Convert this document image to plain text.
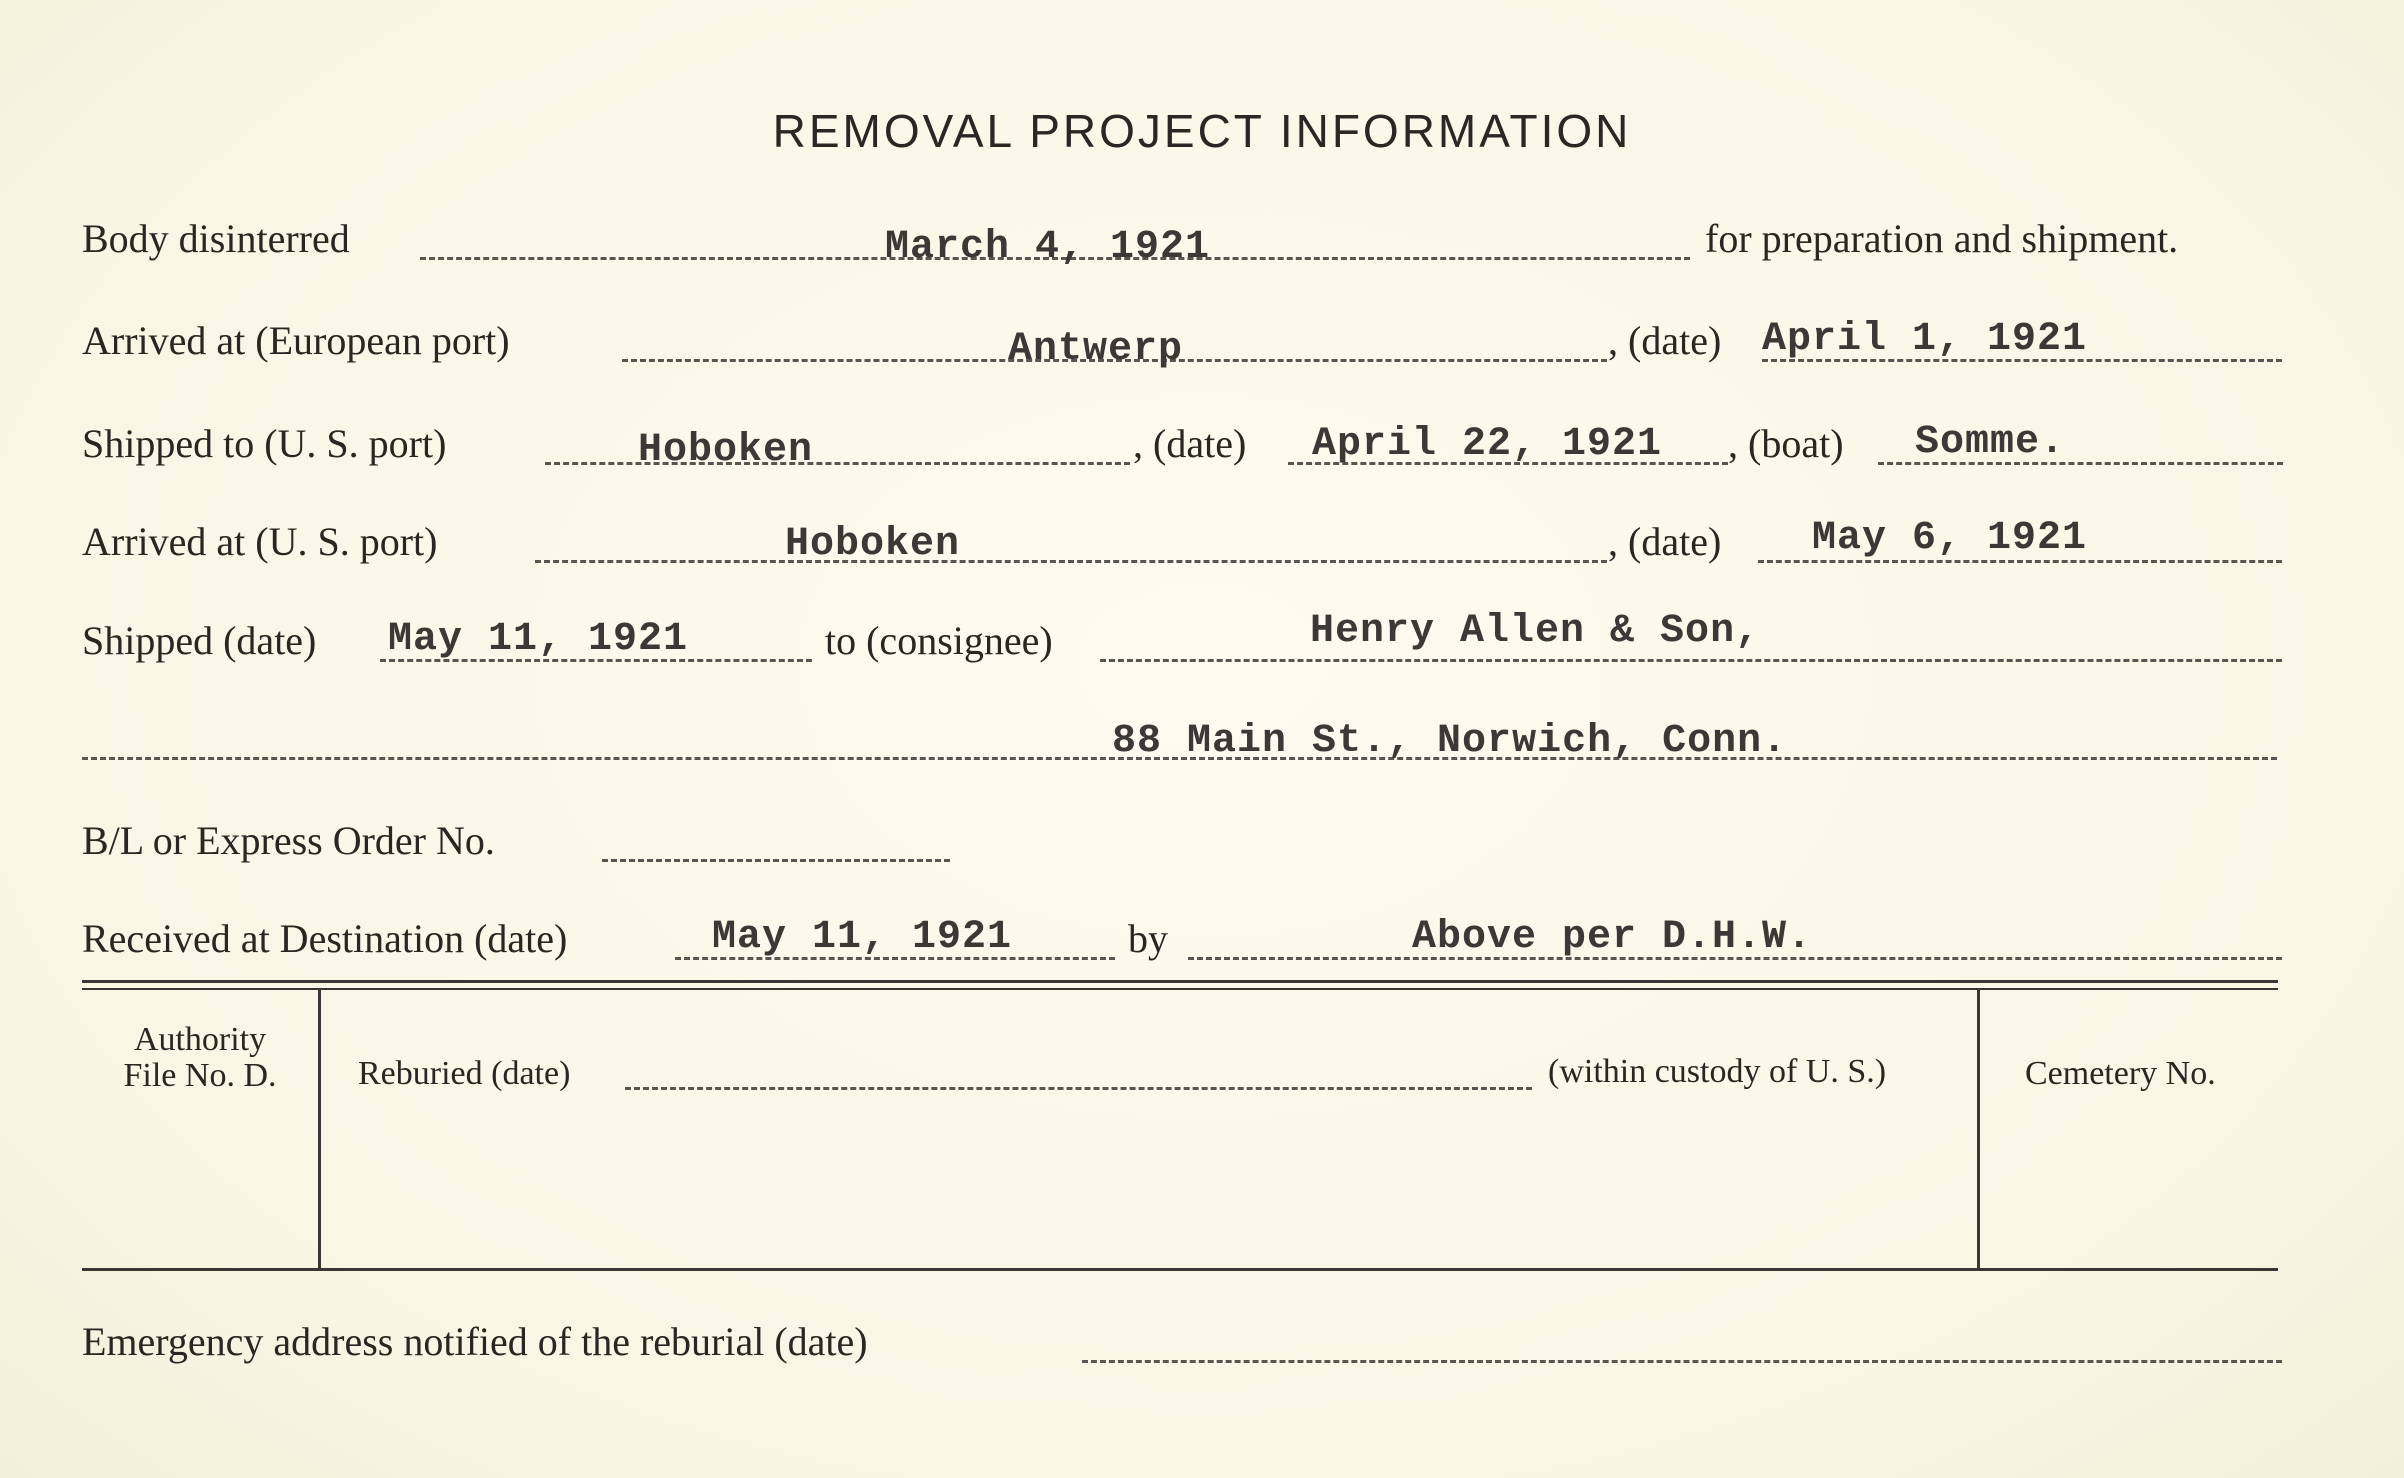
REMOVAL PROJECT INFORMATION
Body disinterred	March 4, 1921	for preparation and shipment.
Arrived at (European port)	Antwerp	, (date) April 1, 1921
Shipped to (U. S. port)	Hoboken	, (date) April 22, 1921 , (boat) Somme.
Arrived at (U. S. port)	Hoboken	, (date) May 6, 1921
Shipped (date) May 11, 1921	to (consignee)	Henry Allen & Son,
88 Main St., Norwich, Conn.
B/L or Express Order No.
Received at Destination (date)	May 11, 1921	by	Above per D.H.W.
Authority
File No. D.	Reburied (date)	(within custody of U. S.)	Cemetery No.
Emergency address notified of the reburial (date)
